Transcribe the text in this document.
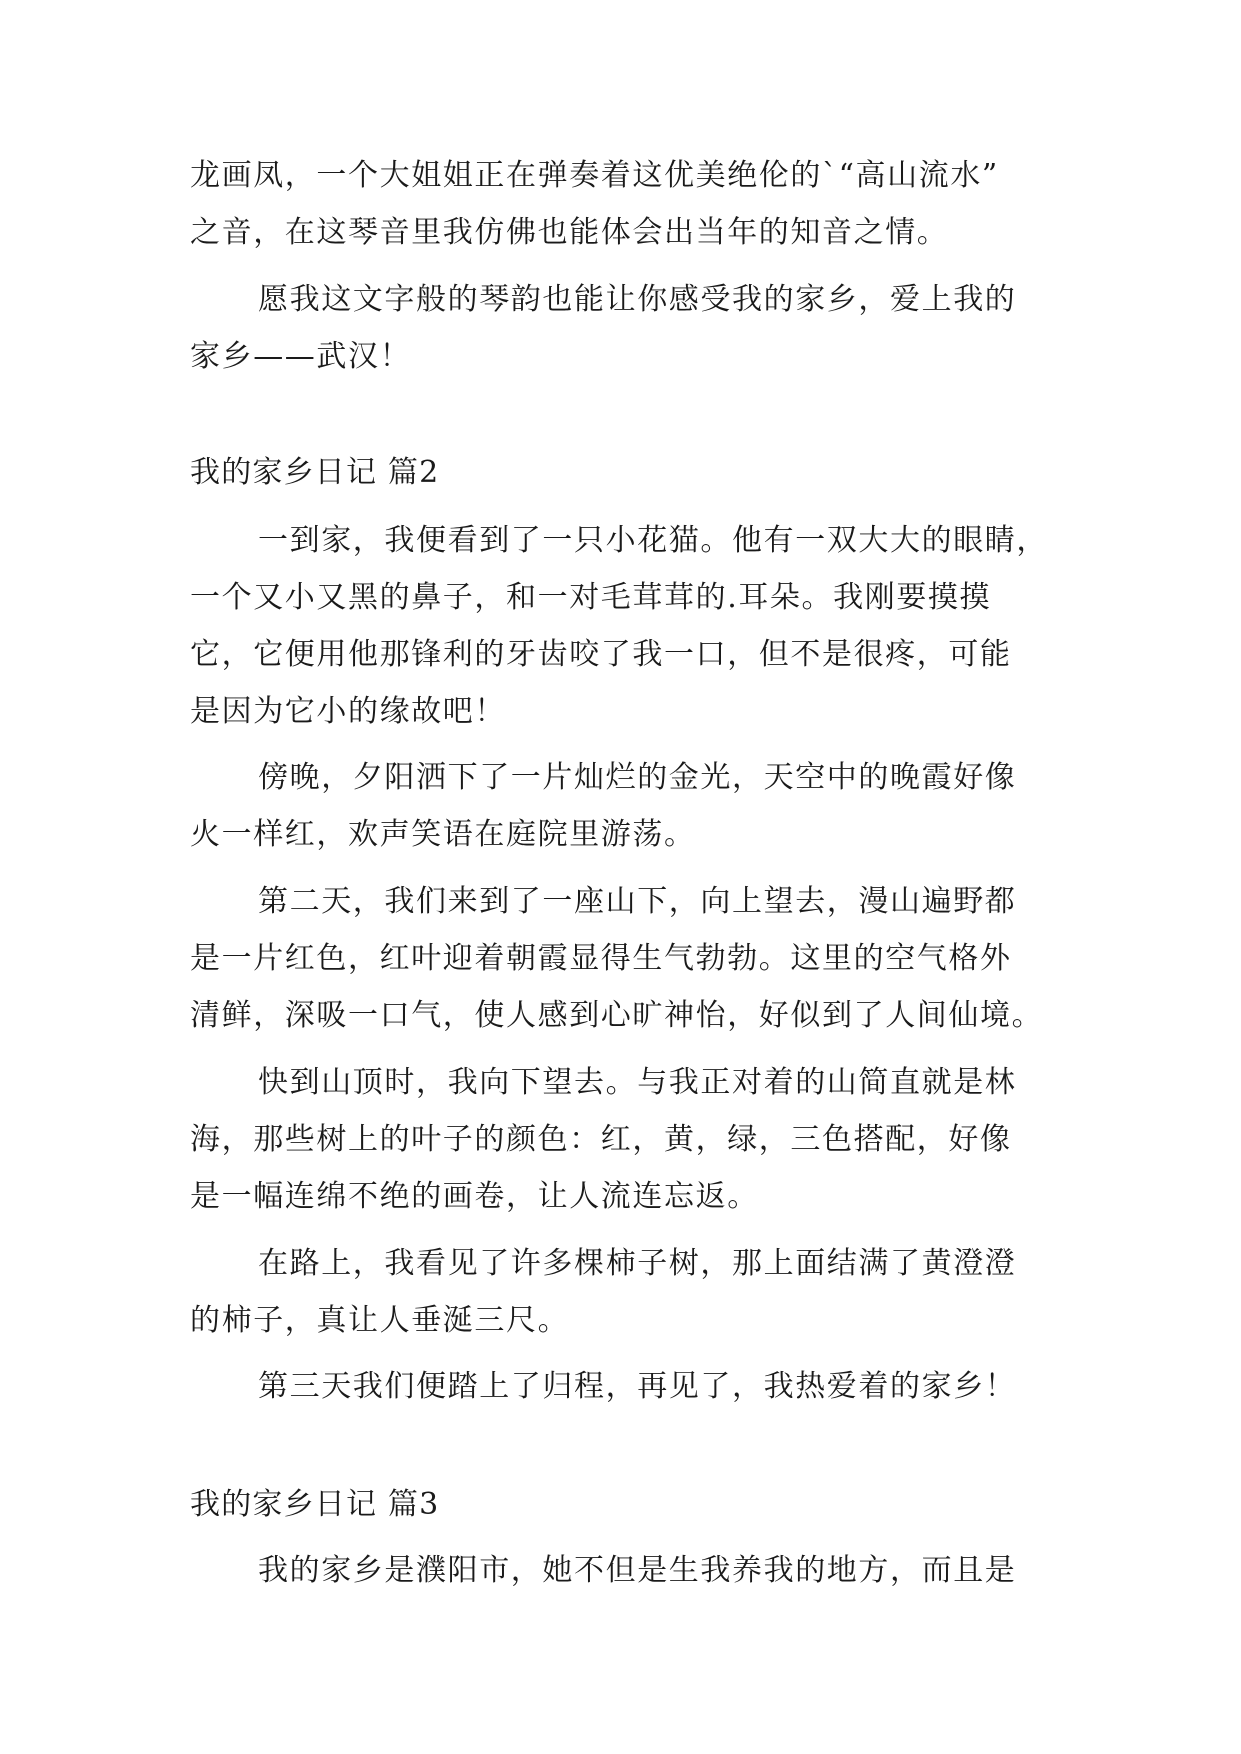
龙画凤，一个大姐姐正在弹奏着这优美绝伦的`“高山流水”
之音，在这琴音里我仿佛也能体会出当年的知音之情。
愿我这文字般的琴韵也能让你感受我的家乡，爱上我的
家乡——武汉！
我的家乡日记 篇2
一到家，我便看到了一只小花猫。他有一双大大的眼睛，
一个又小又黑的鼻子，和一对毛茸茸的.耳朵。我刚要摸摸
它，它便用他那锋利的牙齿咬了我一口，但不是很疼，可能
是因为它小的缘故吧！
傍晚，夕阳洒下了一片灿烂的金光，天空中的晚霞好像
火一样红，欢声笑语在庭院里游荡。
第二天，我们来到了一座山下，向上望去，漫山遍野都
是一片红色，红叶迎着朝霞显得生气勃勃。这里的空气格外
清鲜，深吸一口气，使人感到心旷神怡，好似到了人间仙境。
快到山顶时，我向下望去。与我正对着的山简直就是林
海，那些树上的叶子的颜色：红，黄，绿，三色搭配，好像
是一幅连绵不绝的画卷，让人流连忘返。
在路上，我看见了许多棵柿子树，那上面结满了黄澄澄
的柿子，真让人垂涎三尺。
第三天我们便踏上了归程，再见了，我热爱着的家乡！
我的家乡日记 篇3
我的家乡是濮阳市，她不但是生我养我的地方，而且是
